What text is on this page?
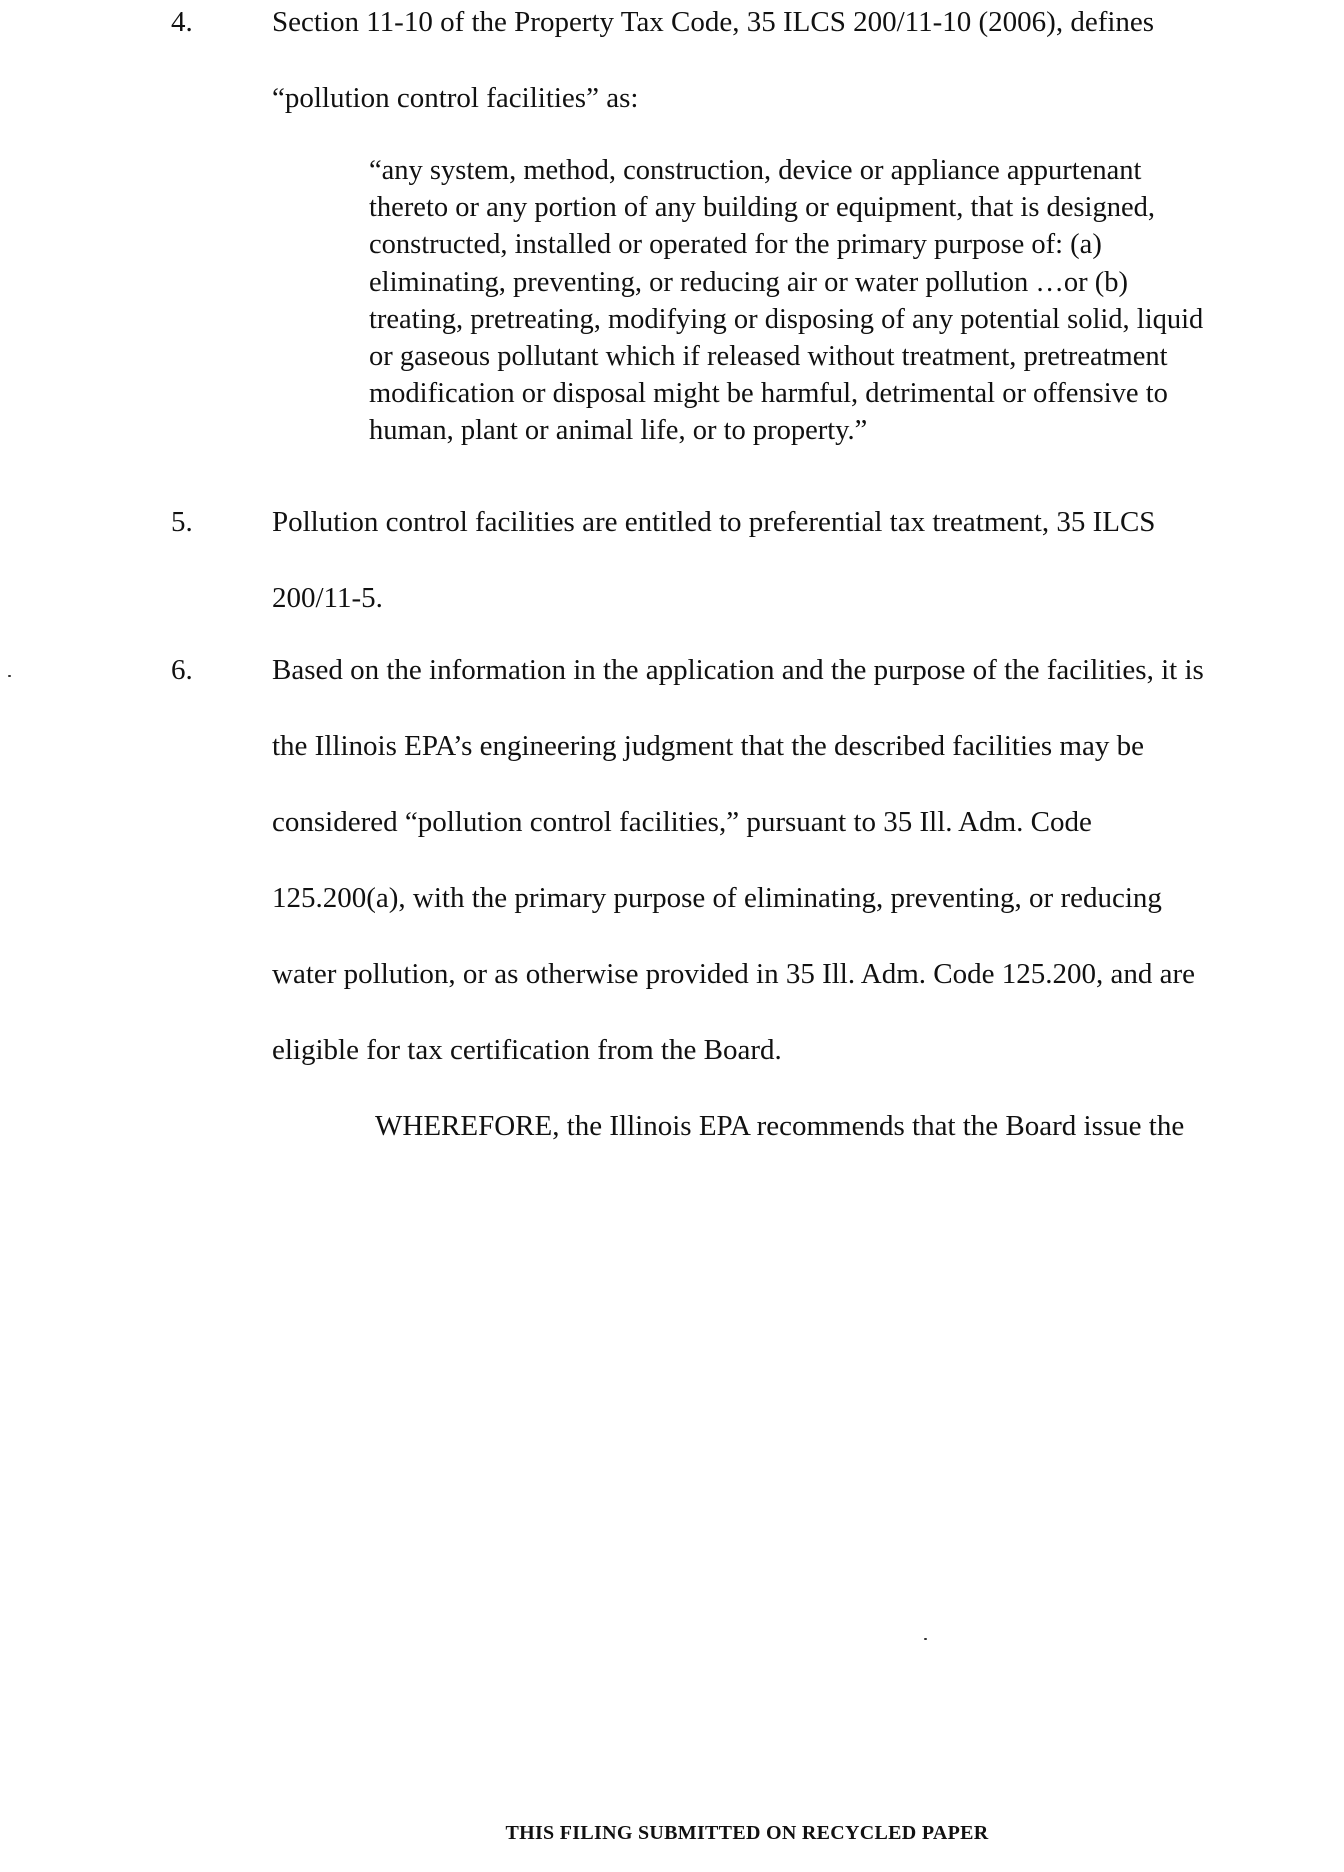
4.	Section 11-10 of the Property Tax Code, 35 ILCS 200/11-10 (2006), defines
“pollution control facilities” as:
“any system, method, construction, device or appliance appurtenant
thereto or any portion of any building or equipment, that is designed,
constructed, installed or operated for the primary purpose of: (a)
eliminating, preventing, or reducing air or water pollution …or (b)
treating, pretreating, modifying or disposing of any potential solid, liquid
or gaseous pollutant which if released without treatment, pretreatment
modification or disposal might be harmful, detrimental or offensive to
human, plant or animal life, or to property.”
5.	Pollution control facilities are entitled to preferential tax treatment, 35 ILCS
200/11-5.
6.	Based on the information in the application and the purpose of the facilities, it is
the Illinois EPA’s engineering judgment that the described facilities may be
considered “pollution control facilities,” pursuant to 35 Ill. Adm. Code
125.200(a), with the primary purpose of eliminating, preventing, or reducing
water pollution, or as otherwise provided in 35 Ill. Adm. Code 125.200, and are
eligible for tax certification from the Board.
WHEREFORE, the Illinois EPA recommends that the Board issue the
THIS FILING SUBMITTED ON RECYCLED PAPER
